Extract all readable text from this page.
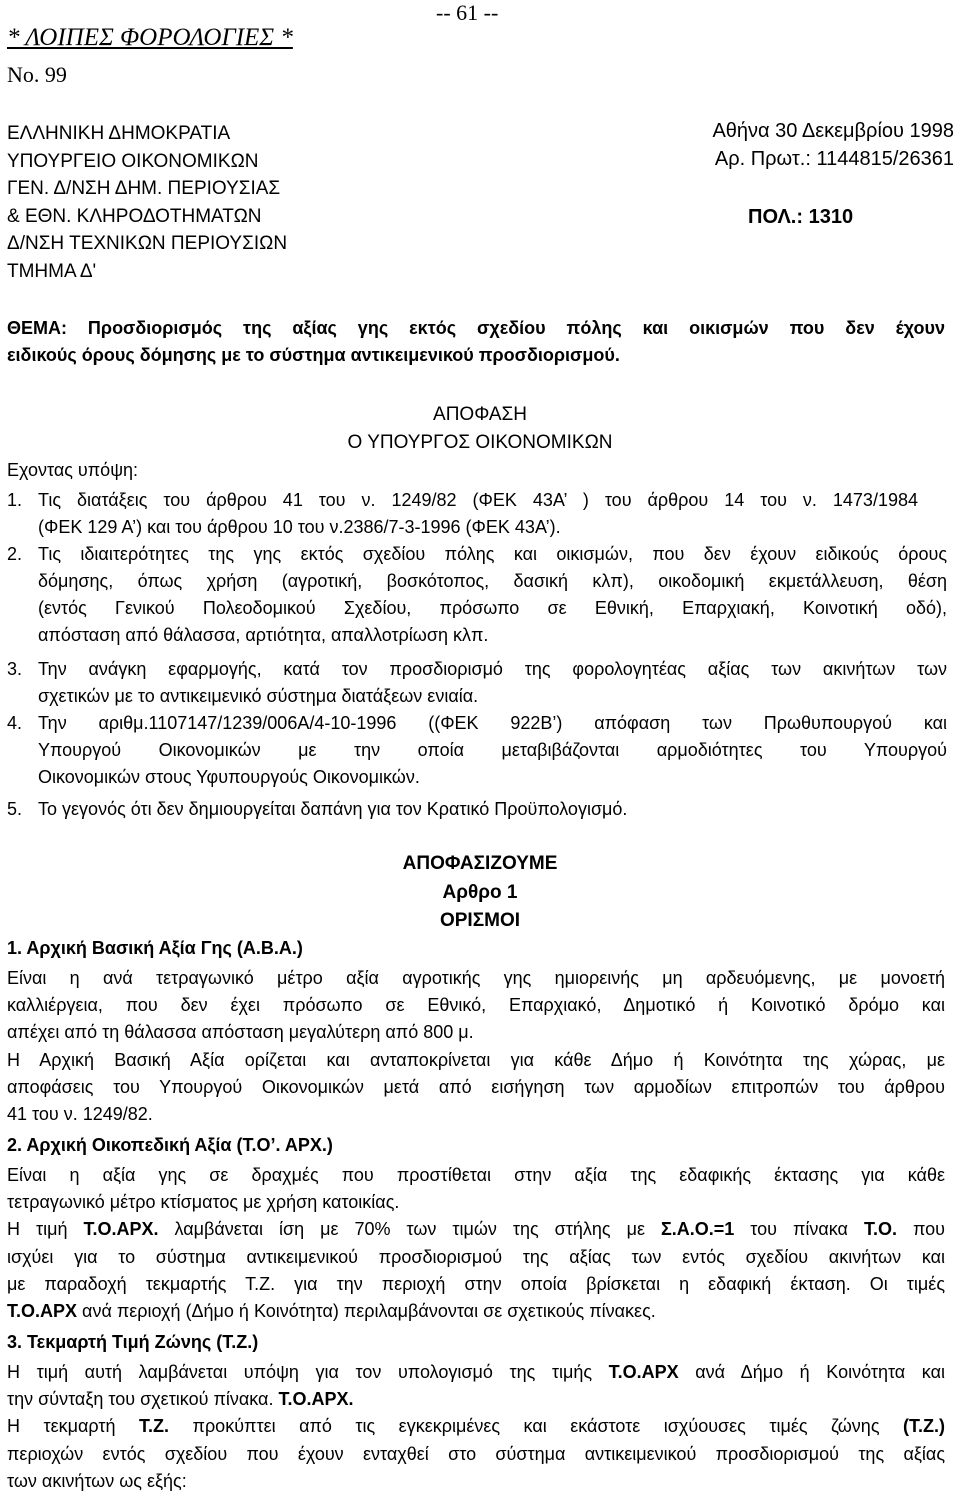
-- 61 --
* ΛΟΙΠΕΣ ΦΟΡΟΛΟΓΙΕΣ *
No. 99
ΕΛΛΗΝΙΚΗ ΔΗΜΟΚΡΑΤΙΑ
ΥΠΟΥΡΓΕΙΟ ΟΙΚΟΝΟΜΙΚΩΝ
ΓΕΝ. Δ/ΝΣΗ ΔΗΜ. ΠΕΡΙΟΥΣΙΑΣ
& ΕΘΝ. ΚΛΗΡΟΔΟΤΗΜΑΤΩΝ
Δ/ΝΣΗ ΤΕΧΝΙΚΩΝ ΠΕΡΙΟΥΣΙΩΝ
ΤΜΗΜΑ Δ'
Αθήνα 30 Δεκεμβρίου 1998
Αρ. Πρωτ.: 1144815/26361
ΠΟΛ.: 1310
ΘΕΜΑ: Προσδιορισμός της αξίας γης εκτός σχεδίου πόλης και οικισμών που δεν έχουν
ειδικούς όρους δόμησης με το σύστημα αντικειμενικού προσδιορισμού.
ΑΠΟΦΑΣΗ
Ο ΥΠΟΥΡΓΟΣ ΟΙΚΟΝΟΜΙΚΩΝ
Εχοντας υπόψη:
1. Τις διατάξεις του άρθρου 41 του ν. 1249/82 (ΦΕΚ 43Α’ ) του άρθρου 14 του ν. 1473/1984
(ΦΕΚ 129 Α’) και του άρθρου 10 του ν.2386/7-3-1996 (ΦΕΚ 43Α’).
2. Τις ιδιαιτερότητες της γης εκτός σχεδίου πόλης και οικισμών, που δεν έχουν ειδικούς όρους
δόμησης, όπως χρήση (αγροτική, βοσκότοπος, δασική κλπ), οικοδομική εκμετάλλευση, θέση
(εντός Γενικού Πολεοδομικού Σχεδίου, πρόσωπο σε Εθνική, Επαρχιακή, Κοινοτική οδό),
απόσταση από θάλασσα, αρτιότητα, απαλλοτρίωση κλπ.
3. Την ανάγκη εφαρμογής, κατά τον προσδιορισμό της φορολογητέας αξίας των ακινήτων των
σχετικών με το αντικειμενικό σύστημα διατάξεων ενιαία.
4. Την αριθμ.1107147/1239/006Α/4-10-1996 ((ΦΕΚ 922Β’) απόφαση των Πρωθυπουργού και
Υπουργού Οικονομικών με την οποία μεταβιβάζονται αρμοδιότητες του Υπουργού
Οικονομικών στους Υφυπουργούς Οικονομικών.
5. Το γεγονός ότι δεν δημιουργείται δαπάνη για τον Κρατικό Προϋπολογισμό.
ΑΠΟΦΑΣΙΖΟΥΜΕ
Αρθρο 1
ΟΡΙΣΜΟΙ
1. Αρχική Βασική Αξία Γης (Α.Β.Α.)
Είναι η ανά τετραγωνικό μέτρο αξία αγροτικής γης ημιορεινής μη αρδευόμενης, με μονοετή
καλλιέργεια, που δεν έχει πρόσωπο σε Εθνικό, Επαρχιακό, Δημοτικό ή Κοινοτικό δρόμο και
απέχει από τη θάλασσα απόσταση μεγαλύτερη από 800 μ.
Η Αρχική Βασική Αξία ορίζεται και ανταποκρίνεται για κάθε Δήμο ή Κοινότητα της χώρας, με
αποφάσεις του Υπουργού Οικονομικών μετά από εισήγηση των αρμοδίων επιτροπών του άρθρου
41 του ν. 1249/82.
2. Αρχική Οικοπεδική Αξία (Τ.Ο’. ΑΡΧ.)
Είναι η αξία γης σε δραχμές που προστίθεται στην αξία της εδαφικής έκτασης για κάθε
τετραγωνικό μέτρο κτίσματος με χρήση κατοικίας.
Η τιμή Τ.Ο.ΑΡΧ. λαμβάνεται ίση με 70% των τιμών της στήλης με Σ.Α.Ο.=1 του πίνακα Τ.Ο. που
ισχύει για το σύστημα αντικειμενικού προσδιορισμού της αξίας των εντός σχεδίου ακινήτων και
με παραδοχή τεκμαρτής Τ.Ζ. για την περιοχή στην οποία βρίσκεται η εδαφική έκταση. Οι τιμές
Τ.Ο.ΑΡΧ ανά περιοχή (Δήμο ή Κοινότητα) περιλαμβάνονται σε σχετικούς πίνακες.
3. Τεκμαρτή Τιμή Ζώνης (Τ.Ζ.)
Η τιμή αυτή λαμβάνεται υπόψη για τον υπολογισμό της τιμής Τ.Ο.ΑΡΧ ανά Δήμο ή Κοινότητα και
την σύνταξη του σχετικού πίνακα. Τ.Ο.ΑΡΧ.
Η τεκμαρτή Τ.Ζ. προκύπτει από τις εγκεκριμένες και εκάστοτε ισχύουσες τιμές ζώνης (Τ.Ζ.)
περιοχών εντός σχεδίου που έχουν ενταχθεί στο σύστημα αντικειμενικού προσδιορισμού της αξίας
των ακινήτων ως εξής:
